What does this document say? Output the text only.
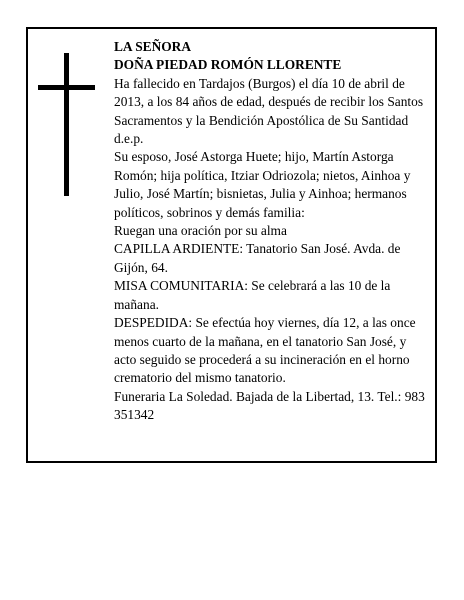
LA SEÑORA

DOÑA PIEDAD ROMÓN LLORENTE

Ha fallecido en Tardajos (Burgos) el día 10 de abril de 2013, a los 84 años de edad, después de recibir los Santos Sacramentos y la Bendición Apostólica de Su Santidad

d.e.p.

Su esposo, José Astorga Huete; hijo, Martín Astorga Romón; hija política, Itziar Odriozola; nietos, Ainhoa y Julio, José Martín; bisnietas, Julia y Ainhoa; hermanos políticos, sobrinos y demás familia:

Ruegan una oración por su alma

CAPILLA ARDIENTE: Tanatorio San José. Avda. de Gijón, 64.

MISA COMUNITARIA: Se celebrará a las 10 de la mañana.

DESPEDIDA: Se efectúa hoy viernes, día 12, a las once menos cuarto de la mañana, en el tanatorio San José, y acto seguido se procederá a su incineración en el horno crematorio del mismo tanatorio.

Funeraria La Soledad. Bajada de la Libertad, 13. Tel.: 983 351342
